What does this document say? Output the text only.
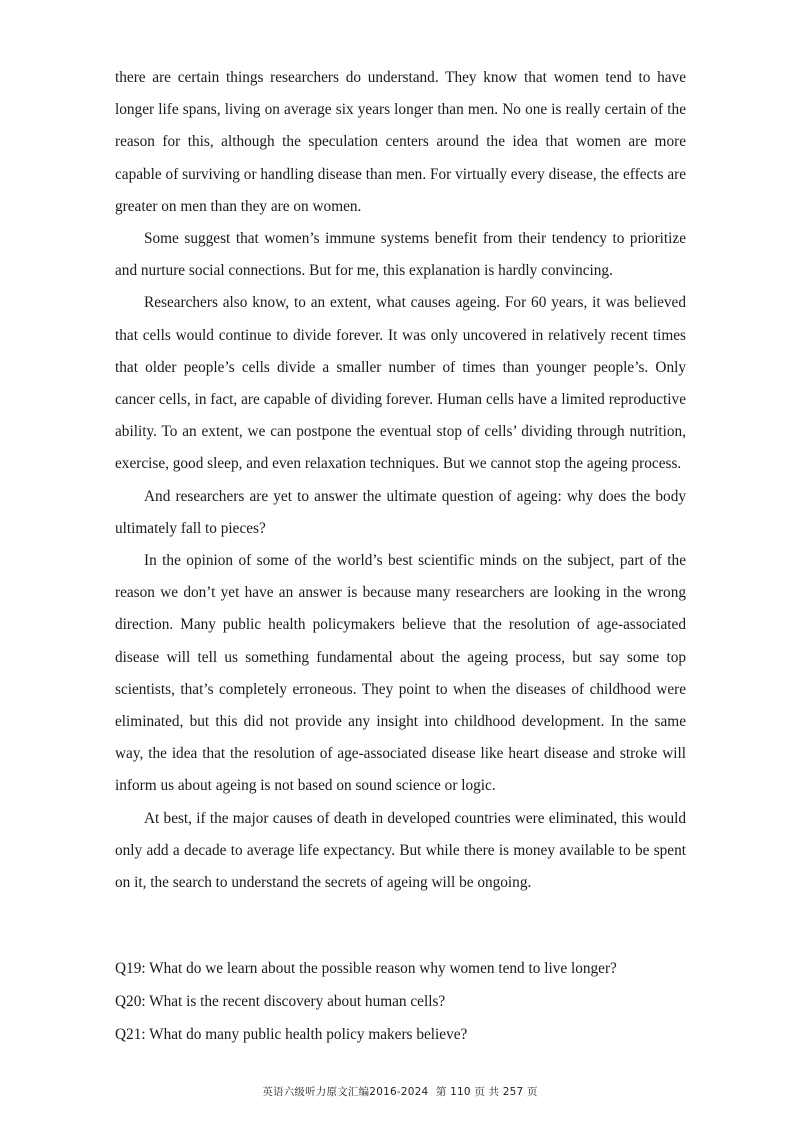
there are certain things researchers do understand. They know that women tend to have longer life spans, living on average six years longer than men. No one is really certain of the reason for this, although the speculation centers around the idea that women are more capable of surviving or handling disease than men. For virtually every disease, the effects are greater on men than they are on women.

Some suggest that women’s immune systems benefit from their tendency to prioritize and nurture social connections. But for me, this explanation is hardly convincing.

Researchers also know, to an extent, what causes ageing. For 60 years, it was believed that cells would continue to divide forever. It was only uncovered in relatively recent times that older people’s cells divide a smaller number of times than younger people’s. Only cancer cells, in fact, are capable of dividing forever. Human cells have a limited reproductive ability. To an extent, we can postpone the eventual stop of cells’ dividing through nutrition, exercise, good sleep, and even relaxation techniques. But we cannot stop the ageing process.

And researchers are yet to answer the ultimate question of ageing: why does the body ultimately fall to pieces?

In the opinion of some of the world’s best scientific minds on the subject, part of the reason we don’t yet have an answer is because many researchers are looking in the wrong direction. Many public health policymakers believe that the resolution of age-associated disease will tell us something fundamental about the ageing process, but say some top scientists, that’s completely erroneous. They point to when the diseases of childhood were eliminated, but this did not provide any insight into childhood development. In the same way, the idea that the resolution of age-associated disease like heart disease and stroke will inform us about ageing is not based on sound science or logic.

At best, if the major causes of death in developed countries were eliminated, this would only add a decade to average life expectancy. But while there is money available to be spent on it, the search to understand the secrets of ageing will be ongoing.

Q19: What do we learn about the possible reason why women tend to live longer?
Q20: What is the recent discovery about human cells?
Q21: What do many public health policy makers believe?
英语六级听力原文汇编2016-2024 第 110 页 共 257 页
